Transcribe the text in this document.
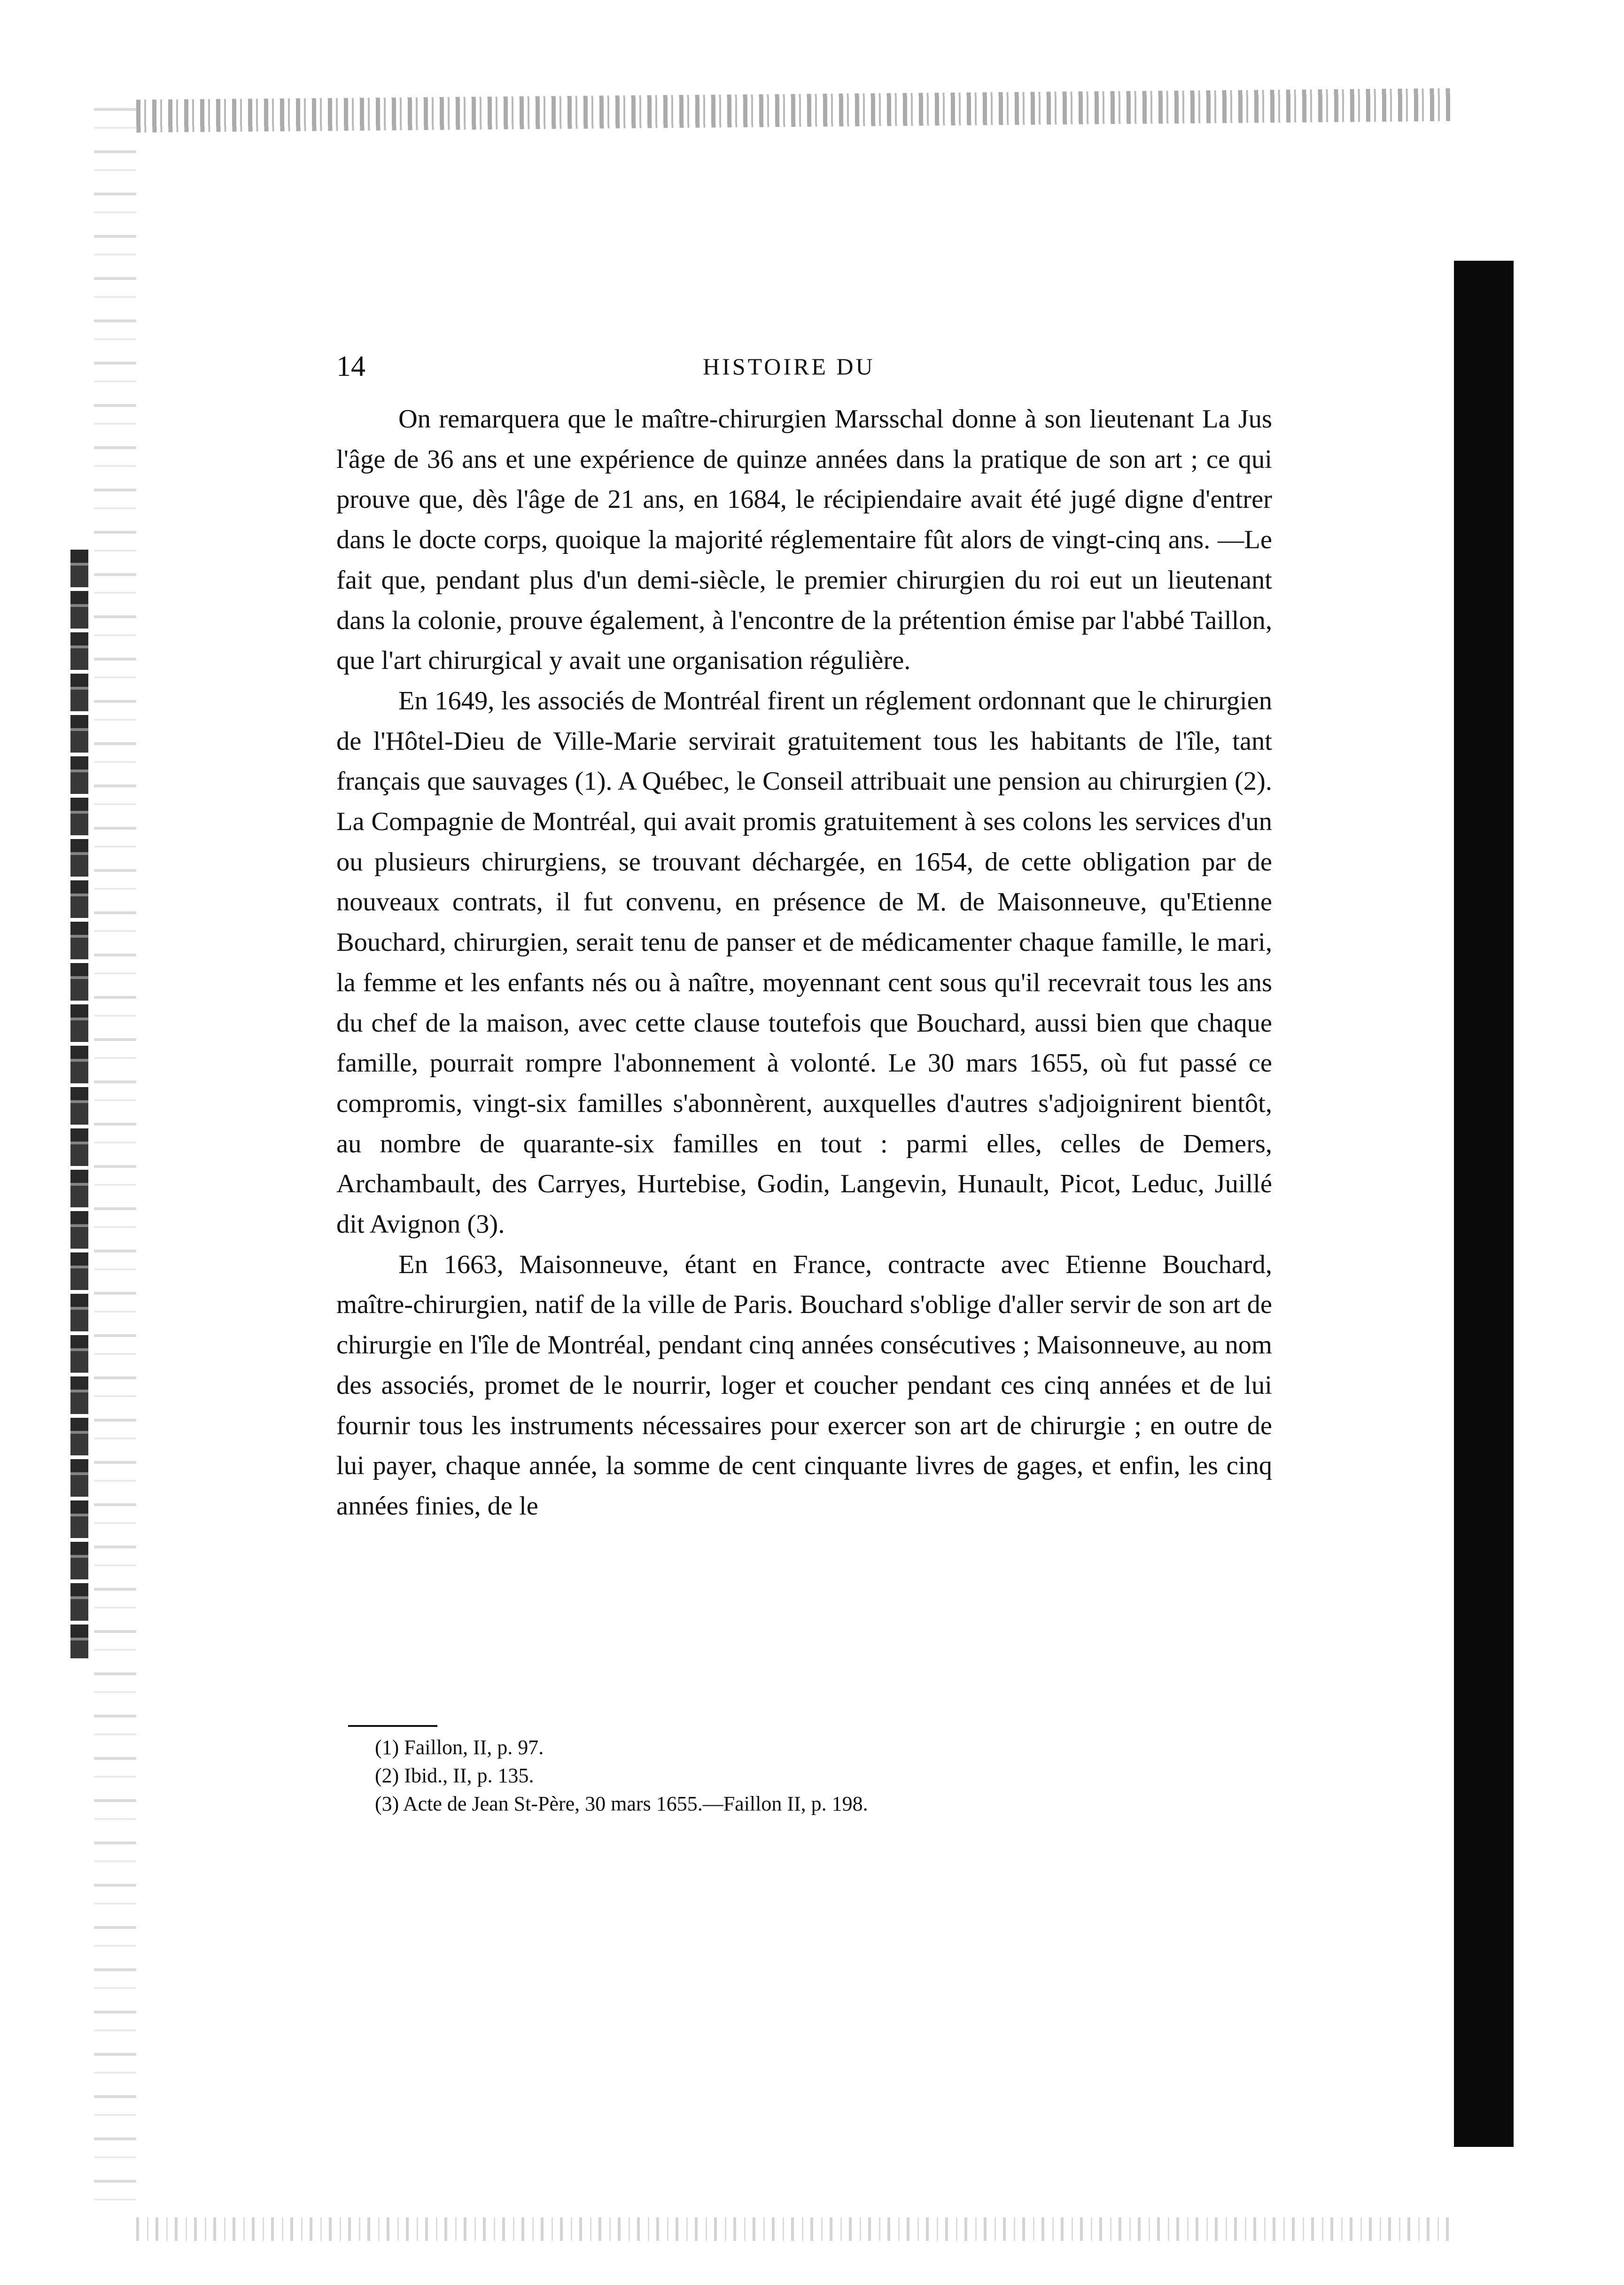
14	HISTOIRE DU

On remarquera que le maître-chirurgien Marsschal donne à son lieutenant La Jus l'âge de 36 ans et une expérience de quinze années dans la pratique de son art ; ce qui prouve que, dès l'âge de 21 ans, en 1684, le récipiendaire avait été jugé digne d'entrer dans le docte corps, quoique la majorité réglementaire fût alors de vingt-cinq ans. —Le fait que, pendant plus d'un demi-siècle, le premier chirurgien du roi eut un lieutenant dans la colonie, prouve également, à l'encontre de la prétention émise par l'abbé Taillon, que l'art chirurgical y avait une organisation régulière.

En 1649, les associés de Montréal firent un réglement ordonnant que le chirurgien de l'Hôtel-Dieu de Ville-Marie servirait gratuitement tous les habitants de l'île, tant français que sauvages (1). A Québec, le Conseil attribuait une pension au chirurgien (2). La Compagnie de Montréal, qui avait promis gratuitement à ses colons les services d'un ou plusieurs chirurgiens, se trouvant déchargée, en 1654, de cette obligation par de nouveaux contrats, il fut convenu, en présence de M. de Maisonneuve, qu'Etienne Bouchard, chirurgien, serait tenu de panser et de médicamenter chaque famille, le mari, la femme et les enfants nés ou à naître, moyennant cent sous qu'il recevrait tous les ans du chef de la maison, avec cette clause toutefois que Bouchard, aussi bien que chaque famille, pourrait rompre l'abonnement à volonté. Le 30 mars 1655, où fut passé ce compromis, vingt-six familles s'abonnèrent, auxquelles d'autres s'adjoignirent bientôt, au nombre de quarante-six familles en tout : parmi elles, celles de Demers, Archambault, des Carryes, Hurtebise, Godin, Langevin, Hunault, Picot, Leduc, Juillé dit Avignon (3).

En 1663, Maisonneuve, étant en France, contracte avec Etienne Bouchard, maître-chirurgien, natif de la ville de Paris. Bouchard s'oblige d'aller servir de son art de chirurgie en l'île de Montréal, pendant cinq années consécutives ; Maisonneuve, au nom des associés, promet de le nourrir, loger et coucher pendant ces cinq années et de lui fournir tous les instruments nécessaires pour exercer son art de chirurgie ; en outre de lui payer, chaque année, la somme de cent cinquante livres de gages, et enfin, les cinq années finies, de le

(1) Faillon, II, p. 97.
(2) Ibid., II, p. 135.
(3) Acte de Jean St-Père, 30 mars 1655.—Faillon II, p. 198.
